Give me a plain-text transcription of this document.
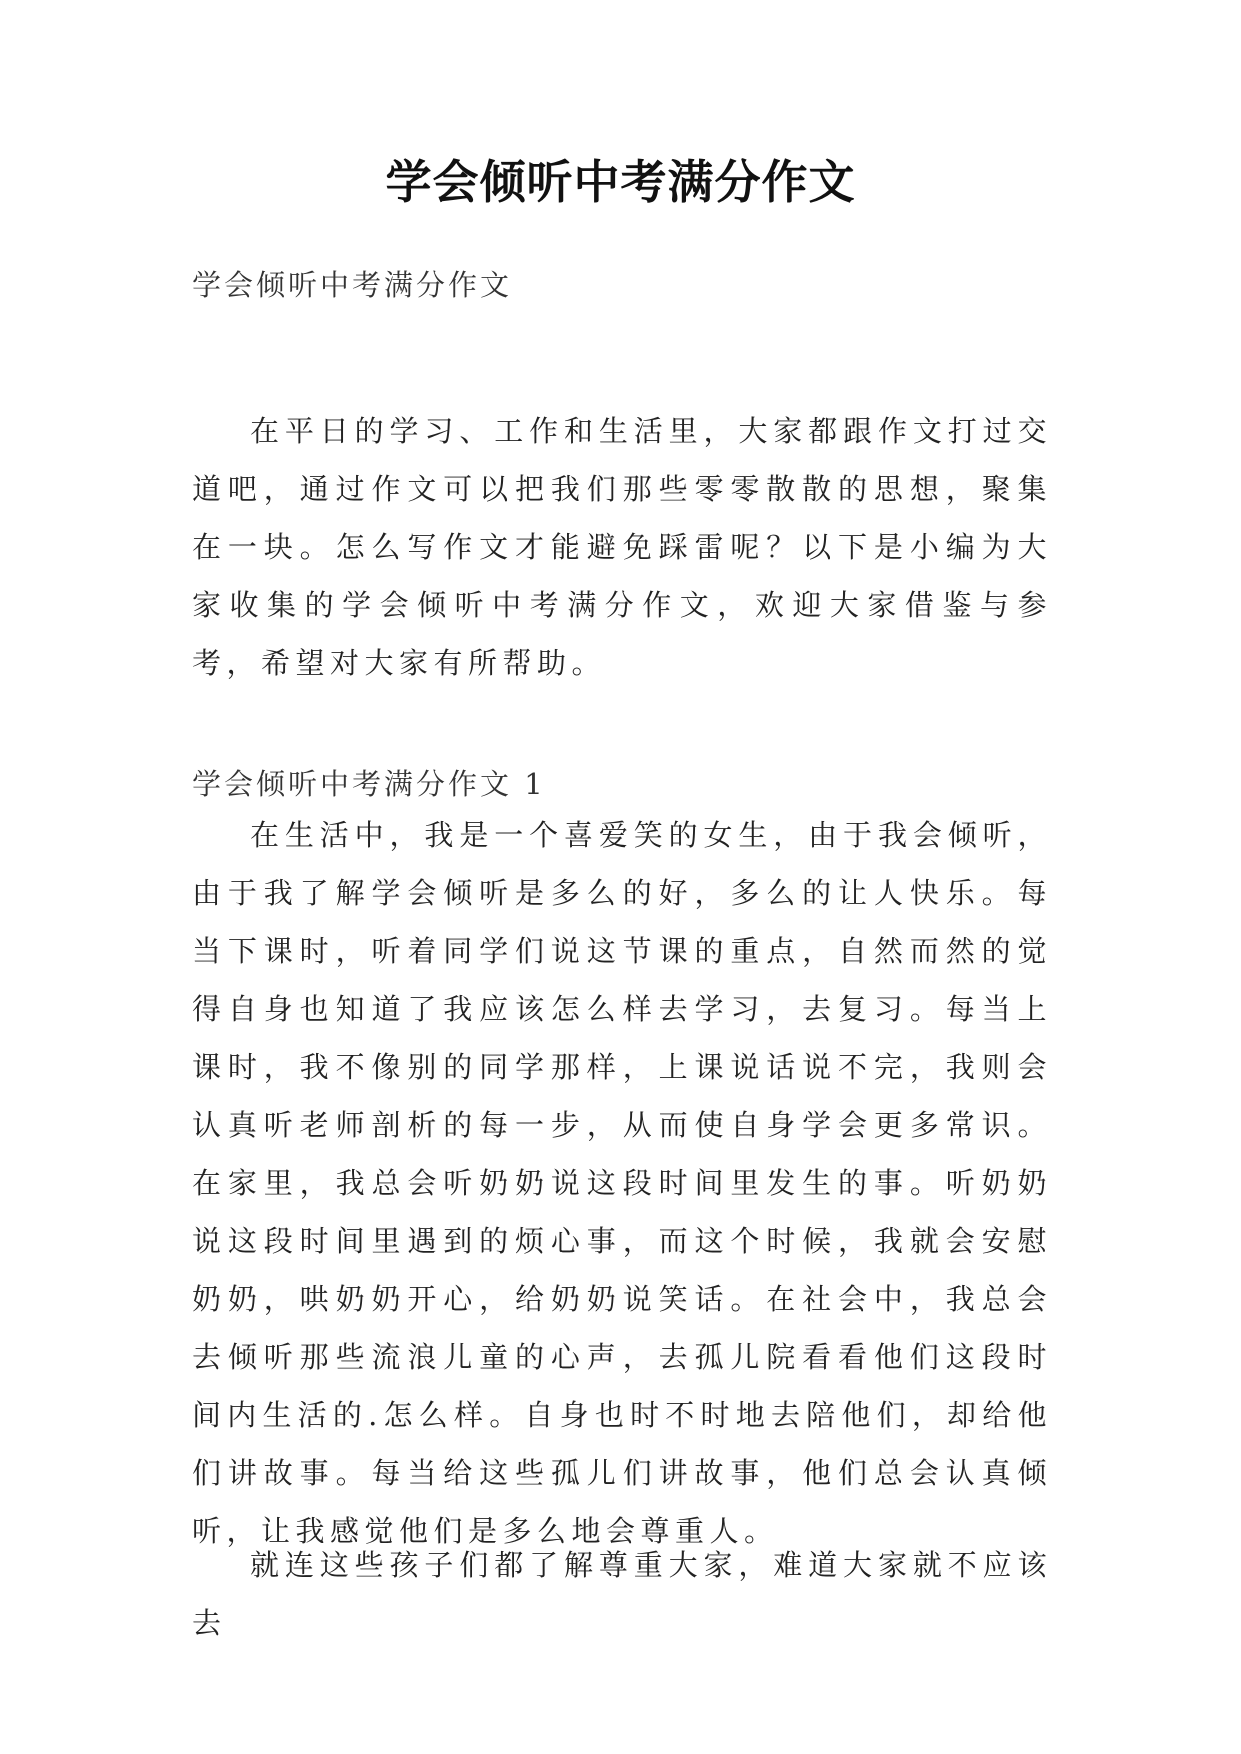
学会倾听中考满分作文
学会倾听中考满分作文

在平日的学习、工作和生活里，大家都跟作文打过交道吧，通过作文可以把我们那些零零散散的思想，聚集在一块。怎么写作文才能避免踩雷呢？以下是小编为大家收集的学会倾听中考满分作文，欢迎大家借鉴与参考，希望对大家有所帮助。

学会倾听中考满分作文 1

在生活中，我是一个喜爱笑的女生，由于我会倾听，由于我了解学会倾听是多么的好，多么的让人快乐。每当下课时，听着同学们说这节课的重点，自然而然的觉得自身也知道了我应该怎么样去学习，去复习。每当上课时，我不像别的同学那样，上课说话说不完，我则会认真听老师剖析的每一步，从而使自身学会更多常识。在家里，我总会听奶奶说这段时间里发生的事。听奶奶说这段时间里遇到的烦心事，而这个时候，我就会安慰奶奶，哄奶奶开心，给奶奶说笑话。在社会中，我总会去倾听那些流浪儿童的心声，去孤儿院看看他们这段时间内生活的.怎么样。自身也时不时地去陪他们，却给他们讲故事。每当给这些孤儿们讲故事，他们总会认真倾听，让我感觉他们是多么地会尊重人。

就连这些孩子们都了解尊重大家，难道大家就不应该去
